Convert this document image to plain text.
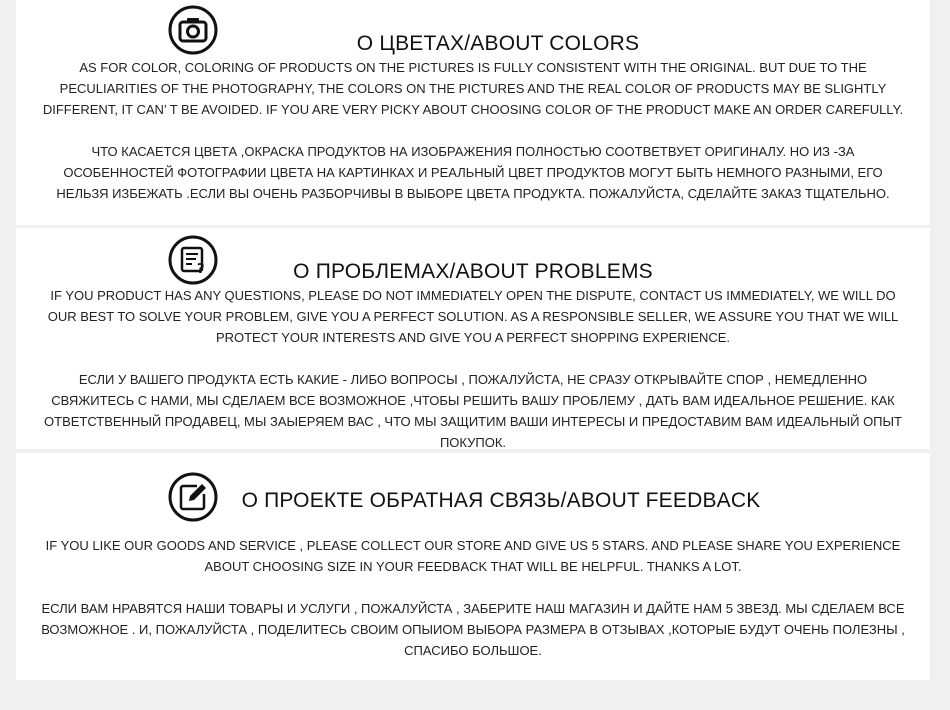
О ЦВЕТАХ/ABOUT COLORS

AS FOR COLOR, COLORING OF PRODUCTS ON THE PICTURES IS FULLY CONSISTENT WITH THE ORIGINAL. BUT DUE TO THE PECULIARITIES OF THE PHOTOGRAPHY, THE COLORS ON THE PICTURES AND THE REAL COLOR OF PRODUCTS MAY BE SLIGHTLY DIFFERENT, IT CAN’ T BE AVOIDED. IF YOU ARE VERY PICKY ABOUT CHOOSING COLOR OF THE PRODUCT MAKE AN ORDER CAREFULLY.

ЧТО КАСАЕТСЯ ЦВЕТА ,ОКРАСКА ПРОДУКТОВ НА ИЗОБРАЖЕНИЯ ПОЛНОСТЬЮ СООТВЕТВУЕТ ОРИГИНАЛУ. НО ИЗ -ЗА ОСОБЕННОСТЕЙ ФОТОГРАФИИ ЦВЕТА НА КАРТИНКАХ И РЕАЛЬНЫЙ ЦВЕТ ПРОДУКТОВ МОГУТ БЫТЬ НЕМНОГО РАЗНЫМИ, ЕГО НЕЛЬЗЯ ИЗБЕЖАТЬ .ЕСЛИ ВЫ ОЧЕНЬ РАЗБОРЧИВЫ В ВЫБОРЕ ЦВЕТА ПРОДУКТА. ПОЖАЛУЙСТА, СДЕЛАЙТЕ ЗАКАЗ ТЩАТЕЛЬНО.

?	О ПРОБЛЕМАХ/ABOUT PROBLEMS

IF YOU PRODUCT HAS ANY QUESTIONS, PLEASE DO NOT IMMEDIATELY OPEN THE DISPUTE, CONTACT US IMMEDIATELY, WE WILL DO OUR BEST TO SOLVE YOUR PROBLEM, GIVE YOU A PERFECT SOLUTION. AS A RESPONSIBLE SELLER, WE ASSURE YOU THAT WE WILL PROTECT YOUR INTERESTS AND GIVE YOU A PERFECT SHOPPING EXPERIENCE.

ЕСЛИ У ВАШЕГО ПРОДУКТА ЕСТЬ КАКИЕ - ЛИБО ВОПРОСЫ , ПОЖАЛУЙСТА, НЕ СРАЗУ ОТКРЫВАЙТЕ СПОР , НЕМЕДЛЕННО СВЯЖИТЕСЬ С НАМИ, МЫ СДЕЛАЕМ ВСЕ ВОЗМОЖНОЕ ,ЧТОБЫ РЕШИТЬ ВАШУ ПРОБЛЕМУ , ДАТЬ ВАМ ИДЕАЛЬНОЕ РЕШЕНИЕ. КАК ОТВЕТСТВЕННЫЙ ПРОДАВЕЦ, МЫ ЗАЫЕРЯЕМ ВАС , ЧТО МЫ ЗАЩИТИМ ВАШИ ИНТЕРЕСЫ И ПРЕДОСТАВИМ ВАМ ИДЕАЛЬНЫЙ ОПЫТ ПОКУПОК.

О ПРОЕКТЕ ОБРАТНАЯ СВЯЗЬ/ABOUT FEEDBACK

IF YOU LIKE OUR GOODS AND SERVICE , PLEASE COLLECT OUR STORE AND GIVE US 5 STARS. AND PLEASE SHARE YOU EXPERIENCE ABOUT CHOOSING SIZE IN YOUR FEEDBACK THAT WILL BE HELPFUL. THANKS A LOT.

ЕСЛИ ВАМ НРАВЯТСЯ НАШИ ТОВАРЫ И УСЛУГИ , ПОЖАЛУЙСТА , ЗАБЕРИТЕ НАШ МАГАЗИН И ДАЙТЕ НАМ 5 ЗВЕЗД. МЫ СДЕЛАЕМ ВСЕ ВОЗМОЖНОЕ . И, ПОЖАЛУЙСТА , ПОДЕЛИТЕСЬ СВОИМ ОПЫИОМ ВЫБОРА РАЗМЕРА В ОТЗЫВАХ ,КОТОРЫЕ БУДУТ ОЧЕНЬ ПОЛЕЗНЫ , СПАСИБО БОЛЬШОЕ.
